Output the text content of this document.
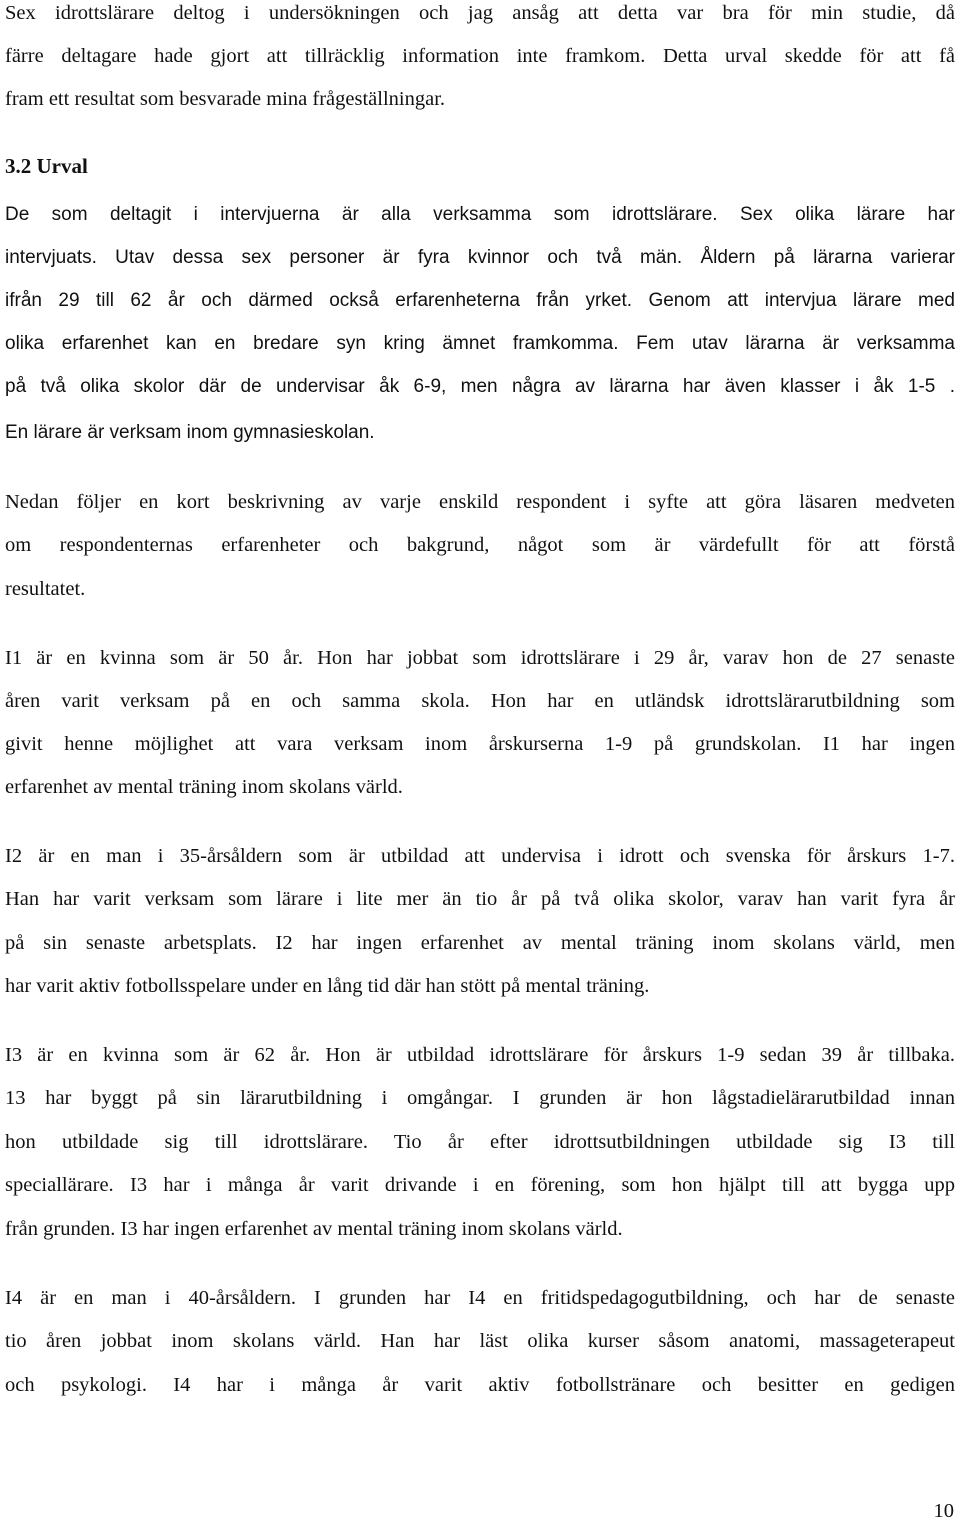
Sex idrottslärare deltog i undersökningen och jag ansåg att detta var bra för min studie, då
färre deltagare hade gjort att tillräcklig information inte framkom. Detta urval skedde för att få
fram ett resultat som besvarade mina frågeställningar.
3.2 Urval
De som deltagit i intervjuerna är alla verksamma som idrottslärare. Sex olika lärare har
intervjuats. Utav dessa sex personer är fyra kvinnor och två män. Åldern på lärarna varierar
ifrån 29 till 62 år och därmed också erfarenheterna från yrket. Genom att intervjua lärare med
olika erfarenhet kan en bredare syn kring ämnet framkomma. Fem utav lärarna är verksamma
på två olika skolor där de undervisar åk 6-9, men några av lärarna har även klasser i åk 1-5 .
En lärare är verksam inom gymnasieskolan.
Nedan följer en kort beskrivning av varje enskild respondent i syfte att göra läsaren medveten
om respondenternas erfarenheter och bakgrund, något som är värdefullt för att förstå
resultatet.
I1 är en kvinna som är 50 år. Hon har jobbat som idrottslärare i 29 år, varav hon de 27 senaste
åren varit verksam på en och samma skola. Hon har en utländsk idrottslärarutbildning som
givit henne möjlighet att vara verksam inom årskurserna 1-9 på grundskolan. I1 har ingen
erfarenhet av mental träning inom skolans värld.
I2 är en man i 35-årsåldern som är utbildad att undervisa i idrott och svenska för årskurs 1-7.
Han har varit verksam som lärare i lite mer än tio år på två olika skolor, varav han varit fyra år
på sin senaste arbetsplats. I2 har ingen erfarenhet av mental träning inom skolans värld, men
har varit aktiv fotbollsspelare under en lång tid där han stött på mental träning.
I3 är en kvinna som är 62 år. Hon är utbildad idrottslärare för årskurs 1-9 sedan 39 år tillbaka.
13 har byggt på sin lärarutbildning i omgångar. I grunden är hon lågstadielärarutbildad innan
hon utbildade sig till idrottslärare. Tio år efter idrottsutbildningen utbildade sig I3 till
speciallärare. I3 har i många år varit drivande i en förening, som hon hjälpt till att bygga upp
från grunden. I3 har ingen erfarenhet av mental träning inom skolans värld.
I4 är en man i 40-årsåldern. I grunden har I4 en fritidspedagogutbildning, och har de senaste
tio åren jobbat inom skolans värld. Han har läst olika kurser såsom anatomi, massageterapeut
och psykologi. I4 har i många år varit aktiv fotbollstränare och besitter en gedigen
10
